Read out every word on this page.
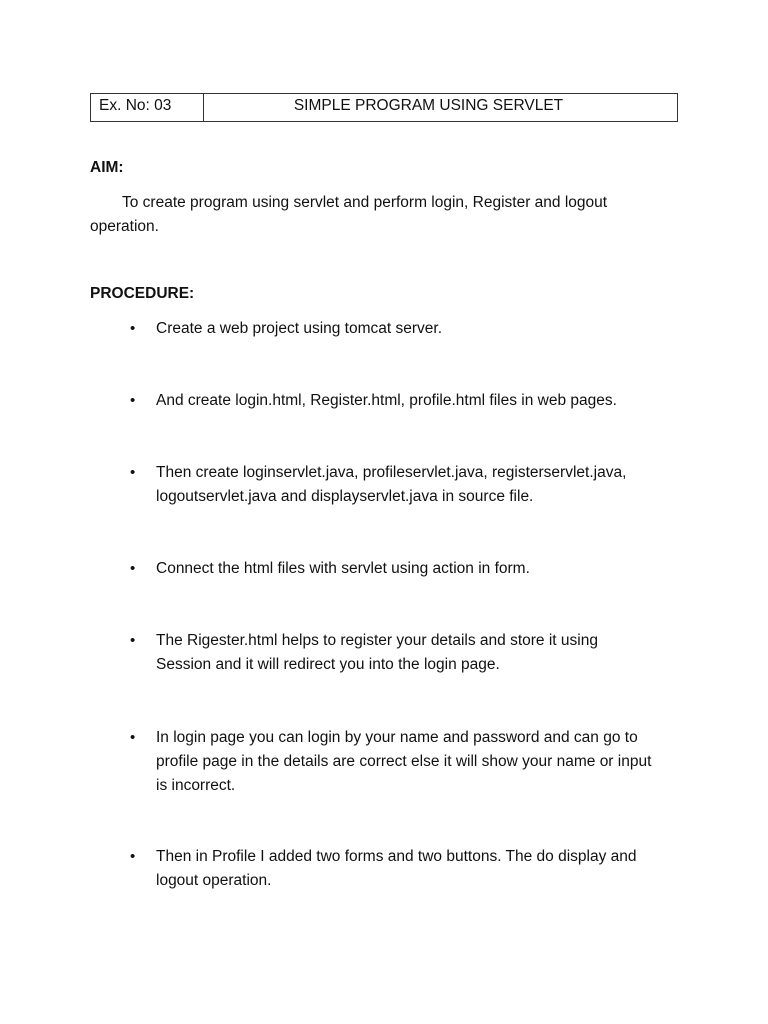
Ex. No: 03	SIMPLE PROGRAM USING SERVLET
AIM:
To create program using servlet and perform login, Register and logout operation.
PROCEDURE:
•	Create a web project using tomcat server.
•	And create login.html, Register.html, profile.html files in web pages.
•	Then create loginservlet.java, profileservlet.java, registerservlet.java, logoutservlet.java and displayservlet.java in source file.
•	Connect the html files with servlet using action in form.
•	The Rigester.html helps to register your details and store it using Session and it will redirect you into the login page.
•	In login page you can login by your name and password and can go to profile page in the details are correct else it will show your name or input is incorrect.
•	Then in Profile I added two forms and two buttons. The do display and logout operation.
